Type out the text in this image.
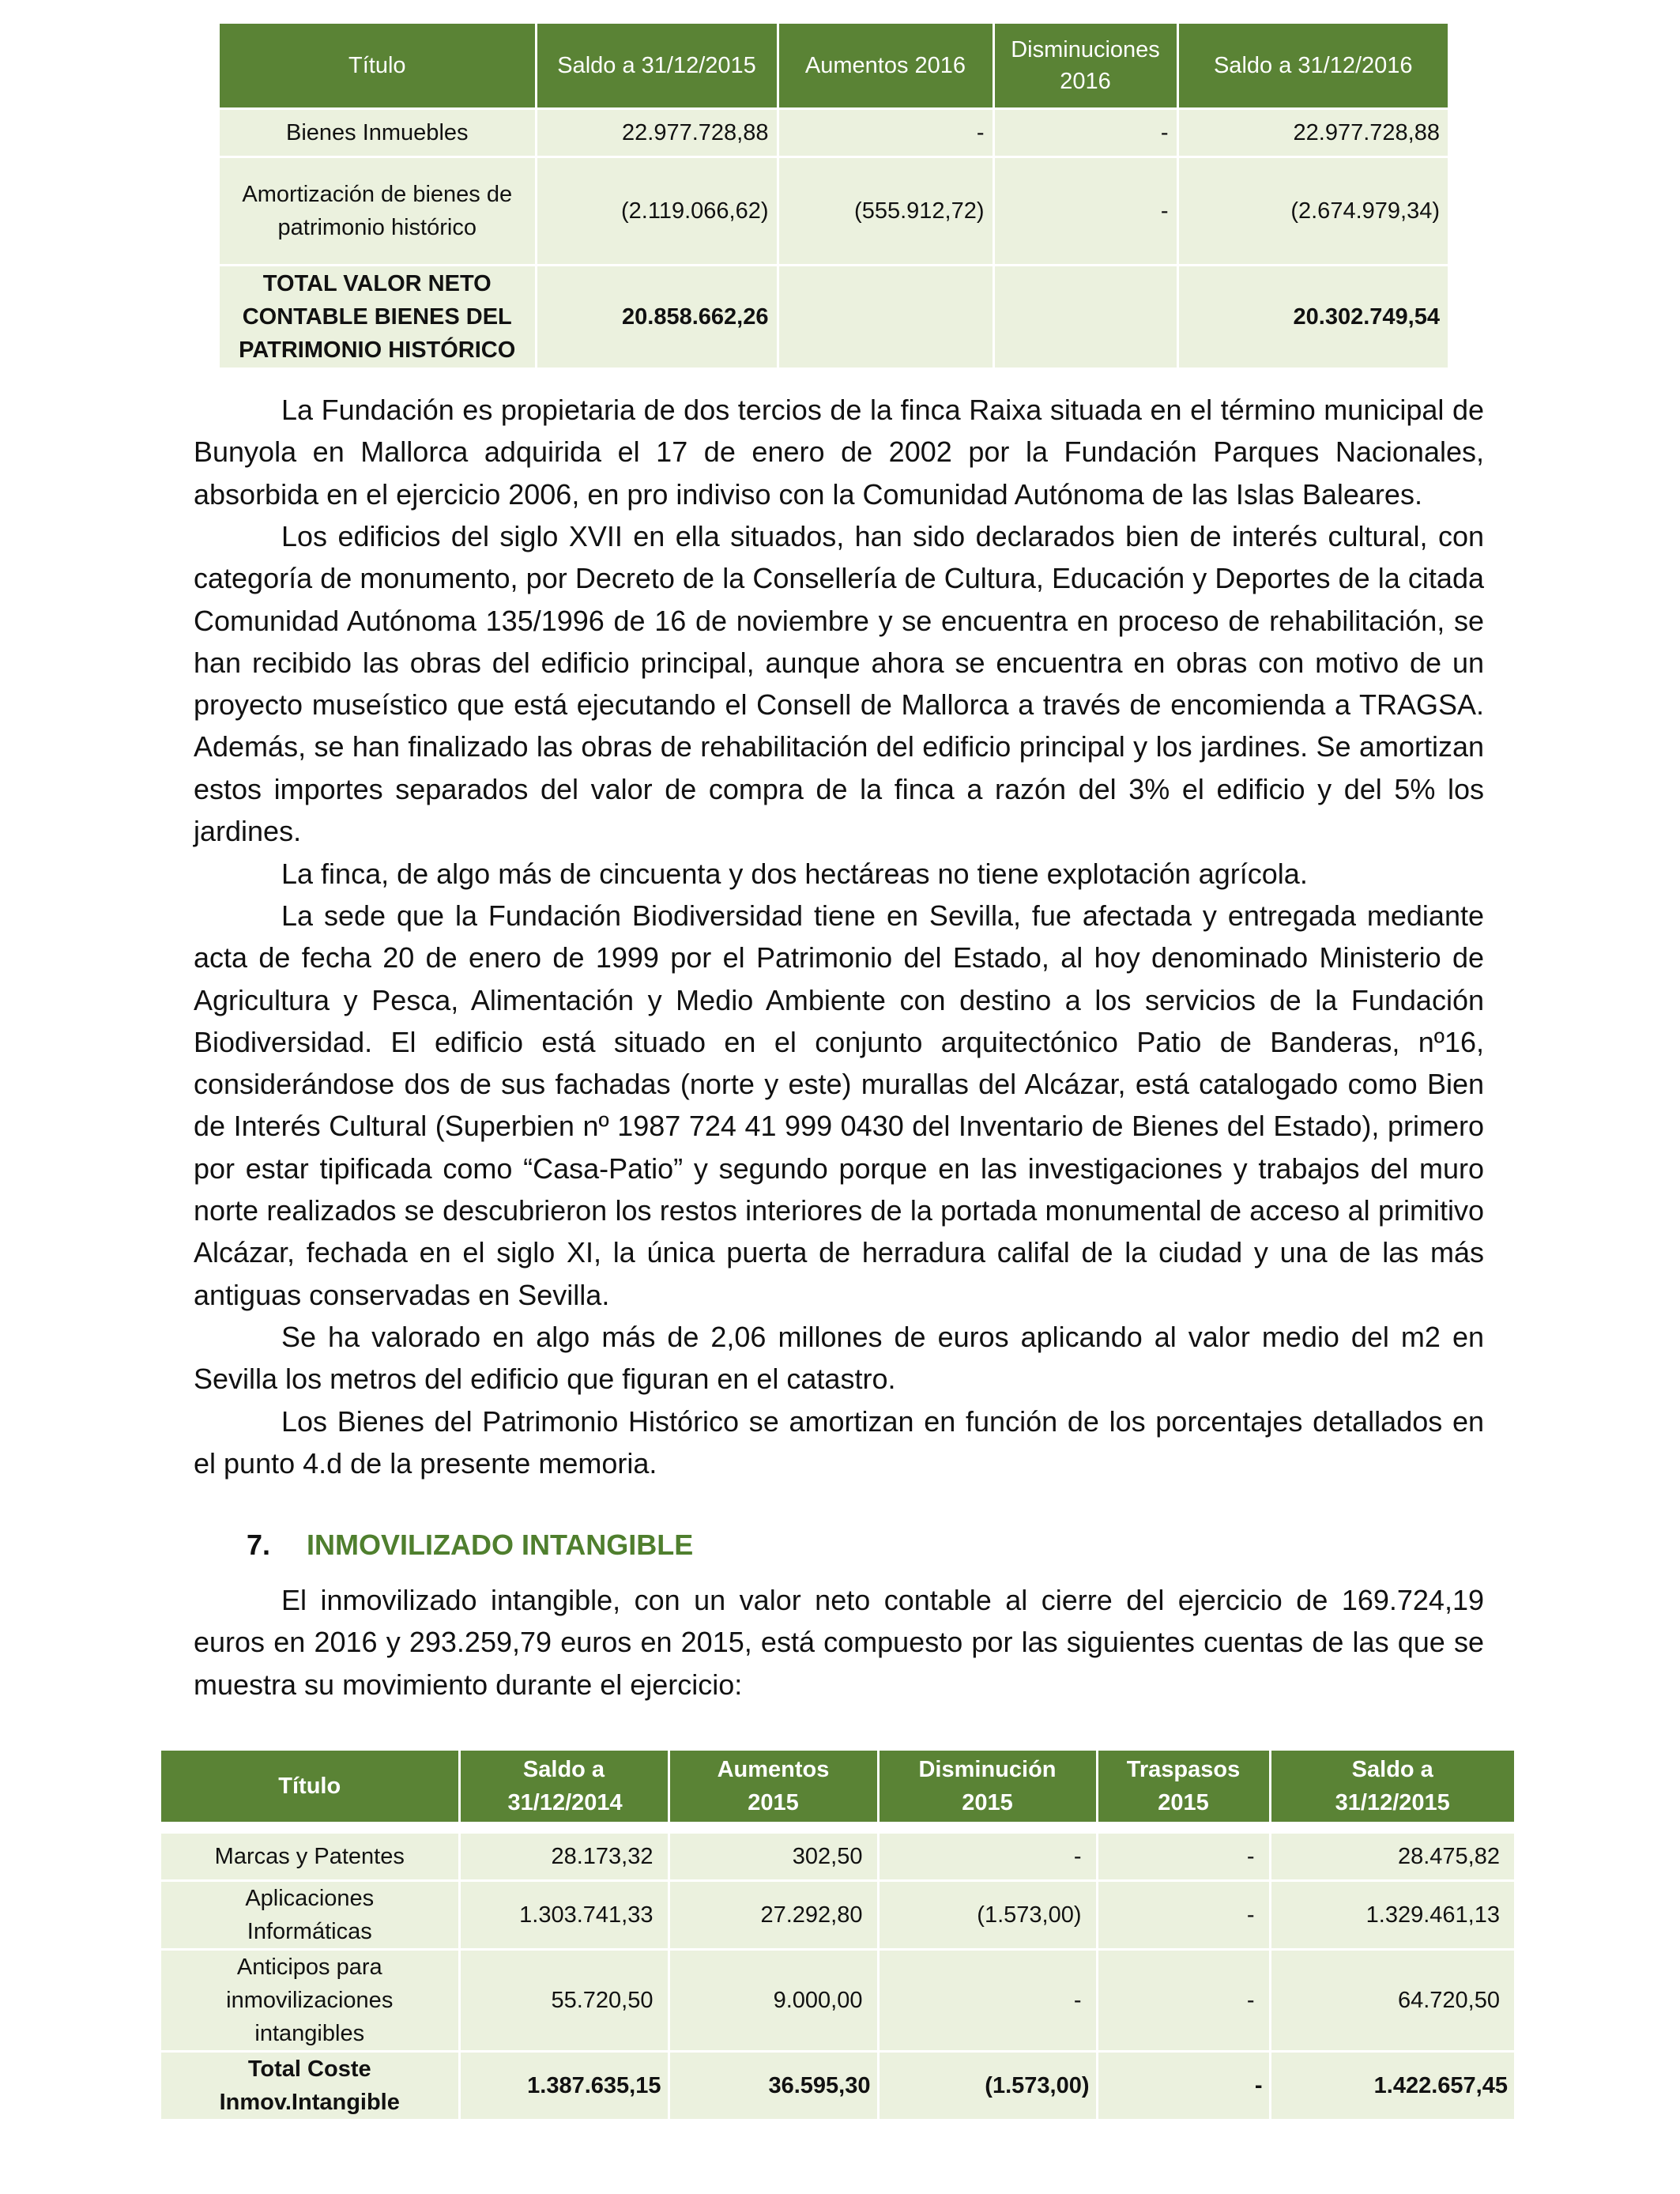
Título	Saldo a 31/12/2015	Aumentos 2016	Disminuciones 2016	Saldo a 31/12/2016
Bienes Inmuebles	22.977.728,88	-	-	22.977.728,88
Amortización de bienes de patrimonio histórico	(2.119.066,62)	(555.912,72)	-	(2.674.979,34)
TOTAL VALOR NETO CONTABLE BIENES DEL PATRIMONIO HISTÓRICO	20.858.662,26			20.302.749,54

La Fundación es propietaria de dos tercios de la finca Raixa situada en el término municipal de Bunyola en Mallorca adquirida el 17 de enero de 2002 por la Fundación Parques Nacionales, absorbida en el ejercicio 2006, en pro indiviso con la Comunidad Autónoma de las Islas Baleares.

Los edificios del siglo XVII en ella situados, han sido declarados bien de interés cultural, con categoría de monumento, por Decreto de la Consellería de Cultura, Educación y Deportes de la citada Comunidad Autónoma 135/1996 de 16 de noviembre y se encuentra en proceso de rehabilitación, se han recibido las obras del edificio principal, aunque ahora se encuentra en obras con motivo de un proyecto museístico que está ejecutando el Consell de Mallorca a través de encomienda a TRAGSA. Además, se han finalizado las obras de rehabilitación del edificio principal y los jardines. Se amortizan estos importes separados del valor de compra de la finca a razón del 3% el edificio y del 5% los jardines.

La finca, de algo más de cincuenta y dos hectáreas no tiene explotación agrícola.

La sede que la Fundación Biodiversidad tiene en Sevilla, fue afectada y entregada mediante acta de fecha 20 de enero de 1999 por el Patrimonio del Estado, al hoy denominado Ministerio de Agricultura y Pesca, Alimentación y Medio Ambiente con destino a los servicios de la Fundación Biodiversidad. El edificio está situado en el conjunto arquitectónico Patio de Banderas, nº16, considerándose dos de sus fachadas (norte y este) murallas del Alcázar, está catalogado como Bien de Interés Cultural (Superbien nº 1987 724 41 999 0430 del Inventario de Bienes del Estado), primero por estar tipificada como “Casa-Patio” y segundo porque en las investigaciones y trabajos del muro norte realizados se descubrieron los restos interiores de la portada monumental de acceso al primitivo Alcázar, fechada en el siglo XI, la única puerta de herradura califal de la ciudad y una de las más antiguas conservadas en Sevilla.

Se ha valorado en algo más de 2,06 millones de euros aplicando al valor medio del m2 en Sevilla los metros del edificio que figuran en el catastro.

Los Bienes del Patrimonio Histórico se amortizan en función de los porcentajes detallados en el punto 4.d de la presente memoria.

7. INMOVILIZADO INTANGIBLE

El inmovilizado intangible, con un valor neto contable al cierre del ejercicio de 169.724,19 euros en 2016 y 293.259,79 euros en 2015, está compuesto por las siguientes cuentas de las que se muestra su movimiento durante el ejercicio:

Título	Saldo a 31/12/2014	Aumentos 2015	Disminución 2015	Traspasos 2015	Saldo a 31/12/2015

Marcas y Patentes	28.173,32	302,50	-	-	28.475,82
Aplicaciones Informáticas	1.303.741,33	27.292,80	(1.573,00)	-	1.329.461,13
Anticipos para inmovilizaciones intangibles	55.720,50	9.000,00	-	-	64.720,50
Total Coste Inmov.Intangible	1.387.635,15	36.595,30	(1.573,00)	-	1.422.657,45
